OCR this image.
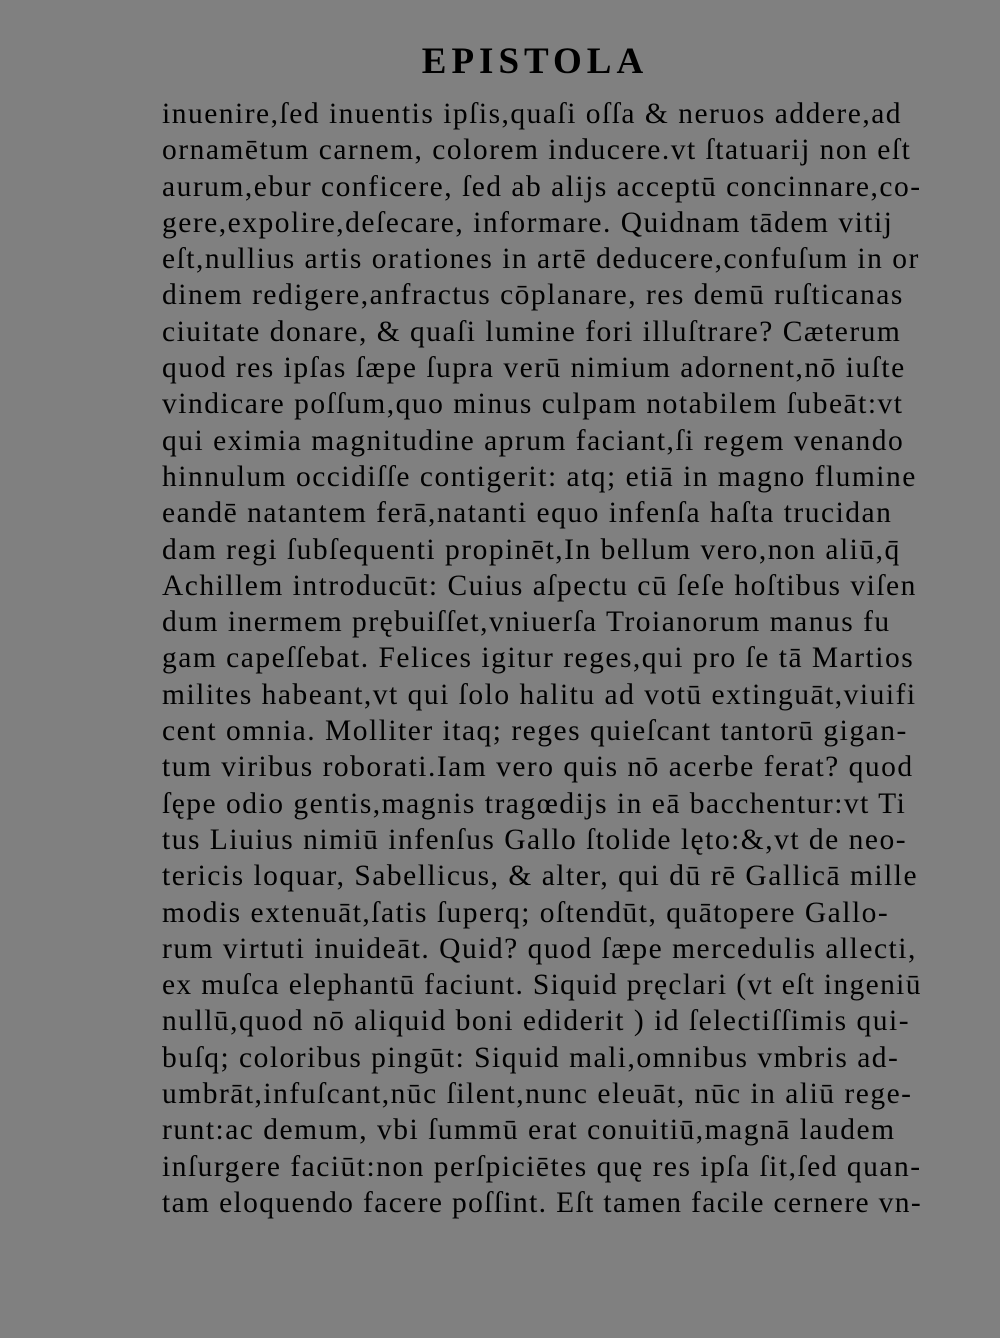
EPISTOLA

inuenire,ſed inuentis ipſis,quaſi oſſa & neruos addere,ad

ornamētum carnem, colorem inducere.vt ſtatuarij non eſt

aurum,ebur conficere, ſed ab alijs acceptū concinnare,co-

gere,expolire,deſecare, informare. Quidnam tādem vitij

eſt,nullius artis orationes in artē deducere,confuſum in or

dinem redigere,anfractus cōplanare, res demū ruſticanas

ciuitate donare, & quaſi lumine fori illuſtrare? Cæterum

quod res ipſas ſæpe ſupra verū nimium adornent,nō iuſte

vindicare poſſum,quo minus culpam notabilem ſubeāt:vt

qui eximia magnitudine aprum faciant,ſi regem venando

hinnulum occidiſſe contigerit: atq; etiā in magno flumine

eandē natantem ferā,natanti equo infenſa haſta trucidan

dam regi ſubſequenti propinēt,In bellum vero,non aliū,q̄

Achillem introducūt: Cuius aſpectu cū ſeſe hoſtibus viſen

dum inermem prębuiſſet,vniuerſa Troianorum manus fu

gam capeſſebat. Felices igitur reges,qui pro ſe tā Martios

milites habeant,vt qui ſolo halitu ad votū extinguāt,viuifi

cent omnia. Molliter itaq; reges quieſcant tantorū gigan-

tum viribus roborati.Iam vero quis nō acerbe ferat? quod

ſępe odio gentis,magnis tragœdijs in eā bacchentur:vt Ti

tus Liuius nimiū infenſus Gallo ſtolide lęto:&,vt de neo-

tericis loquar, Sabellicus, & alter, qui dū rē Gallicā mille

modis extenuāt,ſatis ſuperq; oſtendūt, quātopere Gallo-

rum virtuti inuideāt. Quid? quod ſæpe mercedulis allecti,

ex muſca elephantū faciunt. Siquid pręclari (vt eſt ingeniū

nullū,quod nō aliquid boni ediderit ) id ſelectiſſimis qui-

buſq; coloribus pingūt: Siquid mali,omnibus vmbris ad-

umbrāt,infuſcant,nūc ſilent,nunc eleuāt, nūc in aliū rege-

runt:ac demum, vbi ſummū erat conuitiū,magnā laudem

inſurgere faciūt:non perſpiciētes quę res ipſa ſit,ſed quan-

tam eloquendo facere poſſint. Eſt tamen facile cernere vn-
